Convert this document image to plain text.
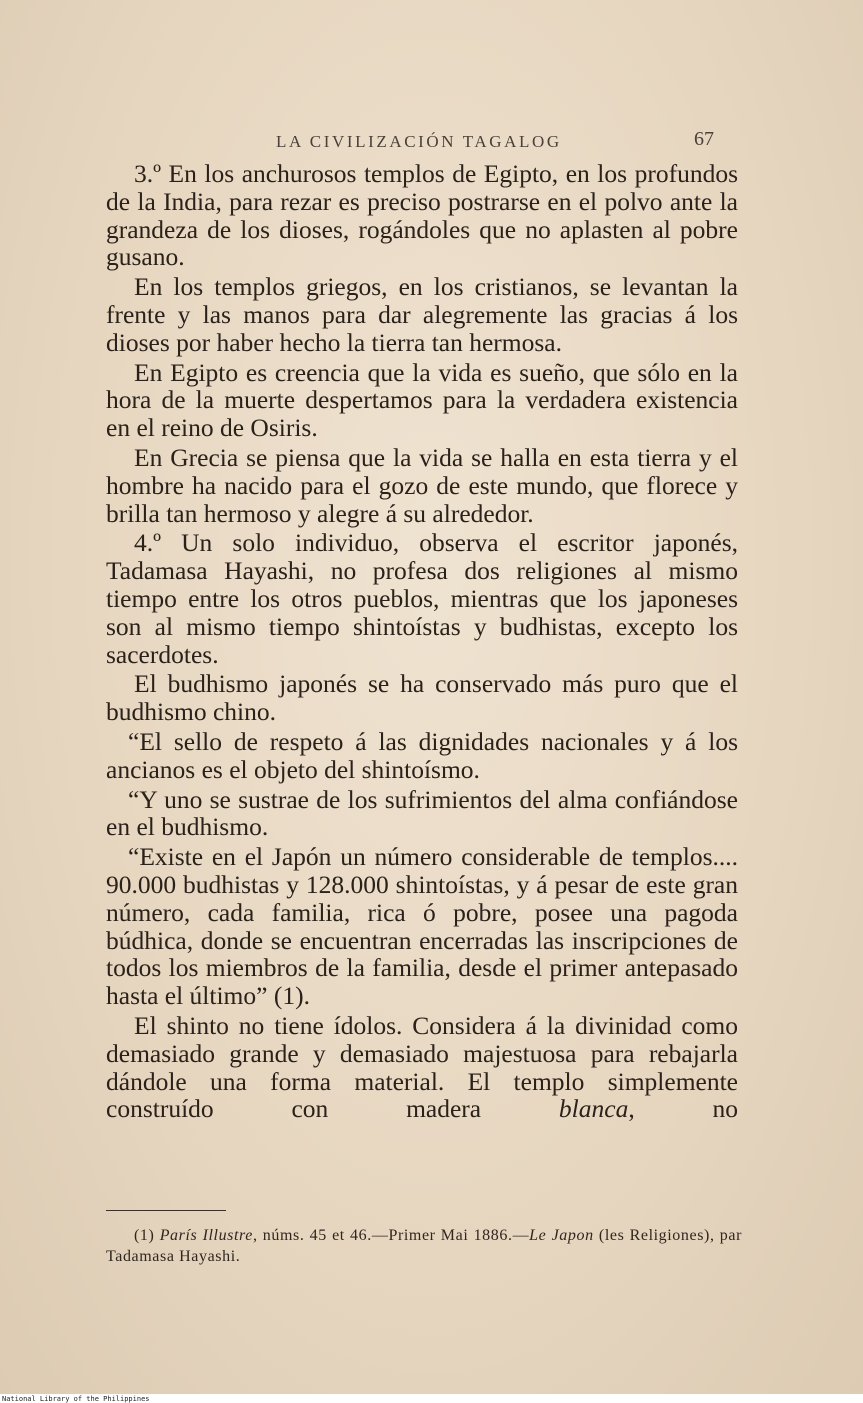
LA CIVILIZACIÓN TAGALOG	67

3.º En los anchurosos templos de Egipto, en los profundos de la India, para rezar es preciso postrarse en el polvo ante la grandeza de los dioses, rogándoles que no aplasten al pobre gusano.

En los templos griegos, en los cristianos, se levantan la frente y las manos para dar alegremente las gracias á los dioses por haber hecho la tierra tan hermosa.

En Egipto es creencia que la vida es sueño, que sólo en la hora de la muerte despertamos para la verdadera existencia en el reino de Osiris.

En Grecia se piensa que la vida se halla en esta tierra y el hombre ha nacido para el gozo de este mundo, que florece y brilla tan hermoso y alegre á su alrededor.

4.º Un solo individuo, observa el escritor japonés, Tadamasa Hayashi, no profesa dos religiones al mismo tiempo entre los otros pueblos, mientras que los japoneses son al mismo tiempo shintoístas y budhistas, excepto los sacerdotes.

El budhismo japonés se ha conservado más puro que el budhismo chino.

“El sello de respeto á las dignidades nacionales y á los ancianos es el objeto del shintoísmo.

“Y uno se sustrae de los sufrimientos del alma confiándose en el budhismo.

“Existe en el Japón un número considerable de templos.... 90.000 budhistas y 128.000 shintoístas, y á pesar de este gran número, cada familia, rica ó pobre, posee una pagoda búdhica, donde se encuentran encerradas las inscripciones de todos los miembros de la familia, desde el primer antepasado hasta el último” (1).

El shinto no tiene ídolos. Considera á la divinidad como demasiado grande y demasiado majestuosa para rebajarla dándole una forma material. El templo simplemente construído con madera	blanca, no

(1) París Illustre, núms. 45 et 46.—Primer Mai 1886.—Le Japon (les Religiones), par Tadamasa Hayashi.
National Library of the Philippines
